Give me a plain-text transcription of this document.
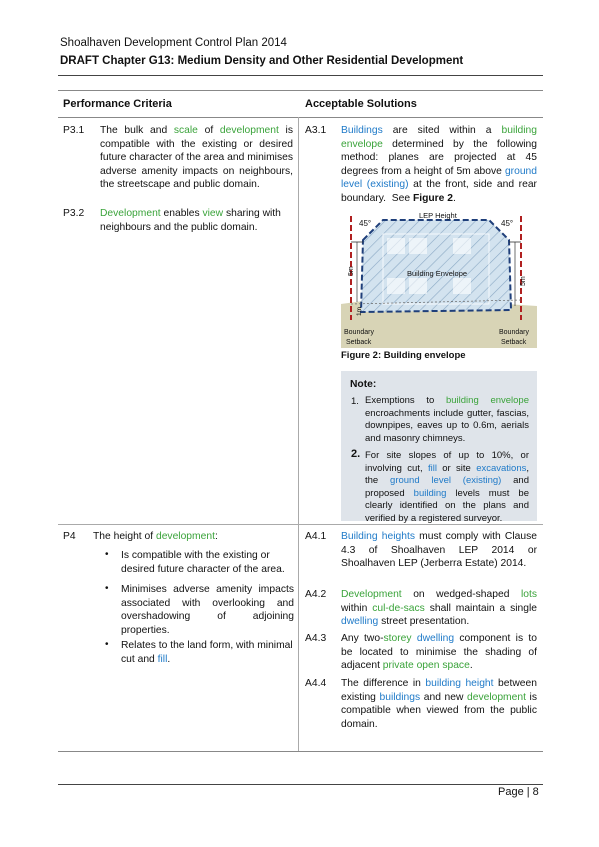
Shoalhaven Development Control Plan 2014
DRAFT Chapter G13: Medium Density and Other Residential Development
Performance Criteria	Acceptable Solutions
P3.1 The bulk and scale of development is compatible with the existing or desired future character of the area and minimises adverse amenity impacts on neighbours, the streetscape and public domain.
P3.2 Development enables view sharing with neighbours and the public domain.
A3.1 Buildings are sited within a building envelope determined by the following method: planes are projected at 45 degrees from a height of 5m above ground level (existing) at the front, side and rear boundary.  See Figure 2.
45°	45°
LEP Height
Building Envelope
5m
5m
1m
Boundary
Setback
Boundary
Setback
Figure 2: Building envelope
Note:
1. Exemptions to building envelope encroachments include gutter, fascias, downpipes, eaves up to 0.6m, aerials and masonry chimneys.
2. For site slopes of up to 10%, or involving cut, fill or site excavations, the ground level (existing) and proposed building levels must be clearly identified on the plans and verified by a registered surveyor.
P4 The height of development:
• Is compatible with the existing or desired future character of the area.
• Minimises adverse amenity impacts associated with overlooking and overshadowing of adjoining properties.
• Relates to the land form, with minimal cut and fill.
A4.1 Building heights must comply with Clause 4.3 of Shoalhaven LEP 2014 or Shoalhaven LEP (Jerberra Estate) 2014.
A4.2 Development on wedged-shaped lots within cul-de-sacs shall maintain a single dwelling street presentation.
A4.3 Any two-storey dwelling component is to be located to minimise the shading of adjacent private open space.
A4.4 The difference in building height between existing buildings and new development is compatible when viewed from the public domain.
Page | 8
